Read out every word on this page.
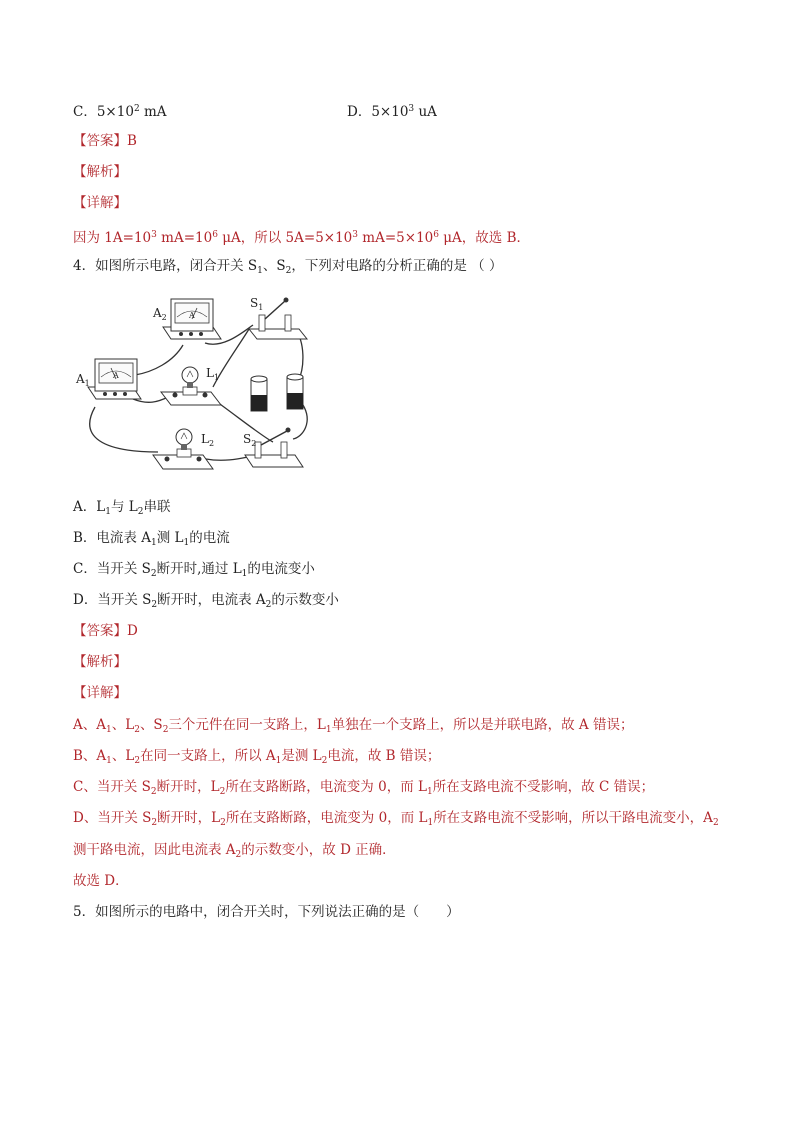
C．$5\times 10^2$ mA	D．$5\times 10^3$ uA
【答案】B
【解析】
【详解】
因为 $1A=10^3$ $mA=10^6$ μA，所以 $5A=5\times 10^3$ $mA=5\times 10^6$ μA，故选 B．
4．如图所示电路，闭合开关 $S_1$、$S_2$，下列对电路的分析正确的是 （ ）
A
$A_2$
$S_1$
A
$A_1$
$L_1$
$L_2$ $S_2$
A．$L_1$与 $L_2$串联
B．电流表 $A_1$测 $L_1$的电流
C．当开关 $S_2$断开时,通过 $L_1$的电流变小
D．当开关 $S_2$断开时，电流表 $A_2$的示数变小
【答案】D
【解析】
【详解】
A、$A_1$、$L_2$、$S_2$三个元件在同一支路上，$L_1$单独在一个支路上，所以是并联电路，故 A 错误；
B、$A_1$、$L_2$在同一支路上，所以 $A_1$是测 $L_2$电流，故 B 错误；
C、当开关 $S_2$断开时，$L_2$所在支路断路，电流变为 0，而 $L_1$所在支路电流不受影响，故 C 错误；
D、当开关 $S_2$断开时，$L_2$所在支路断路，电流变为 0，而 $L_1$所在支路电流不受影响，所以干路电流变小，$A_2$
测干路电流，因此电流表 $A_2$的示数变小，故 D 正确．
故选 D．
5．如图所示的电路中，闭合开关时，下列说法正确的是（　　）
